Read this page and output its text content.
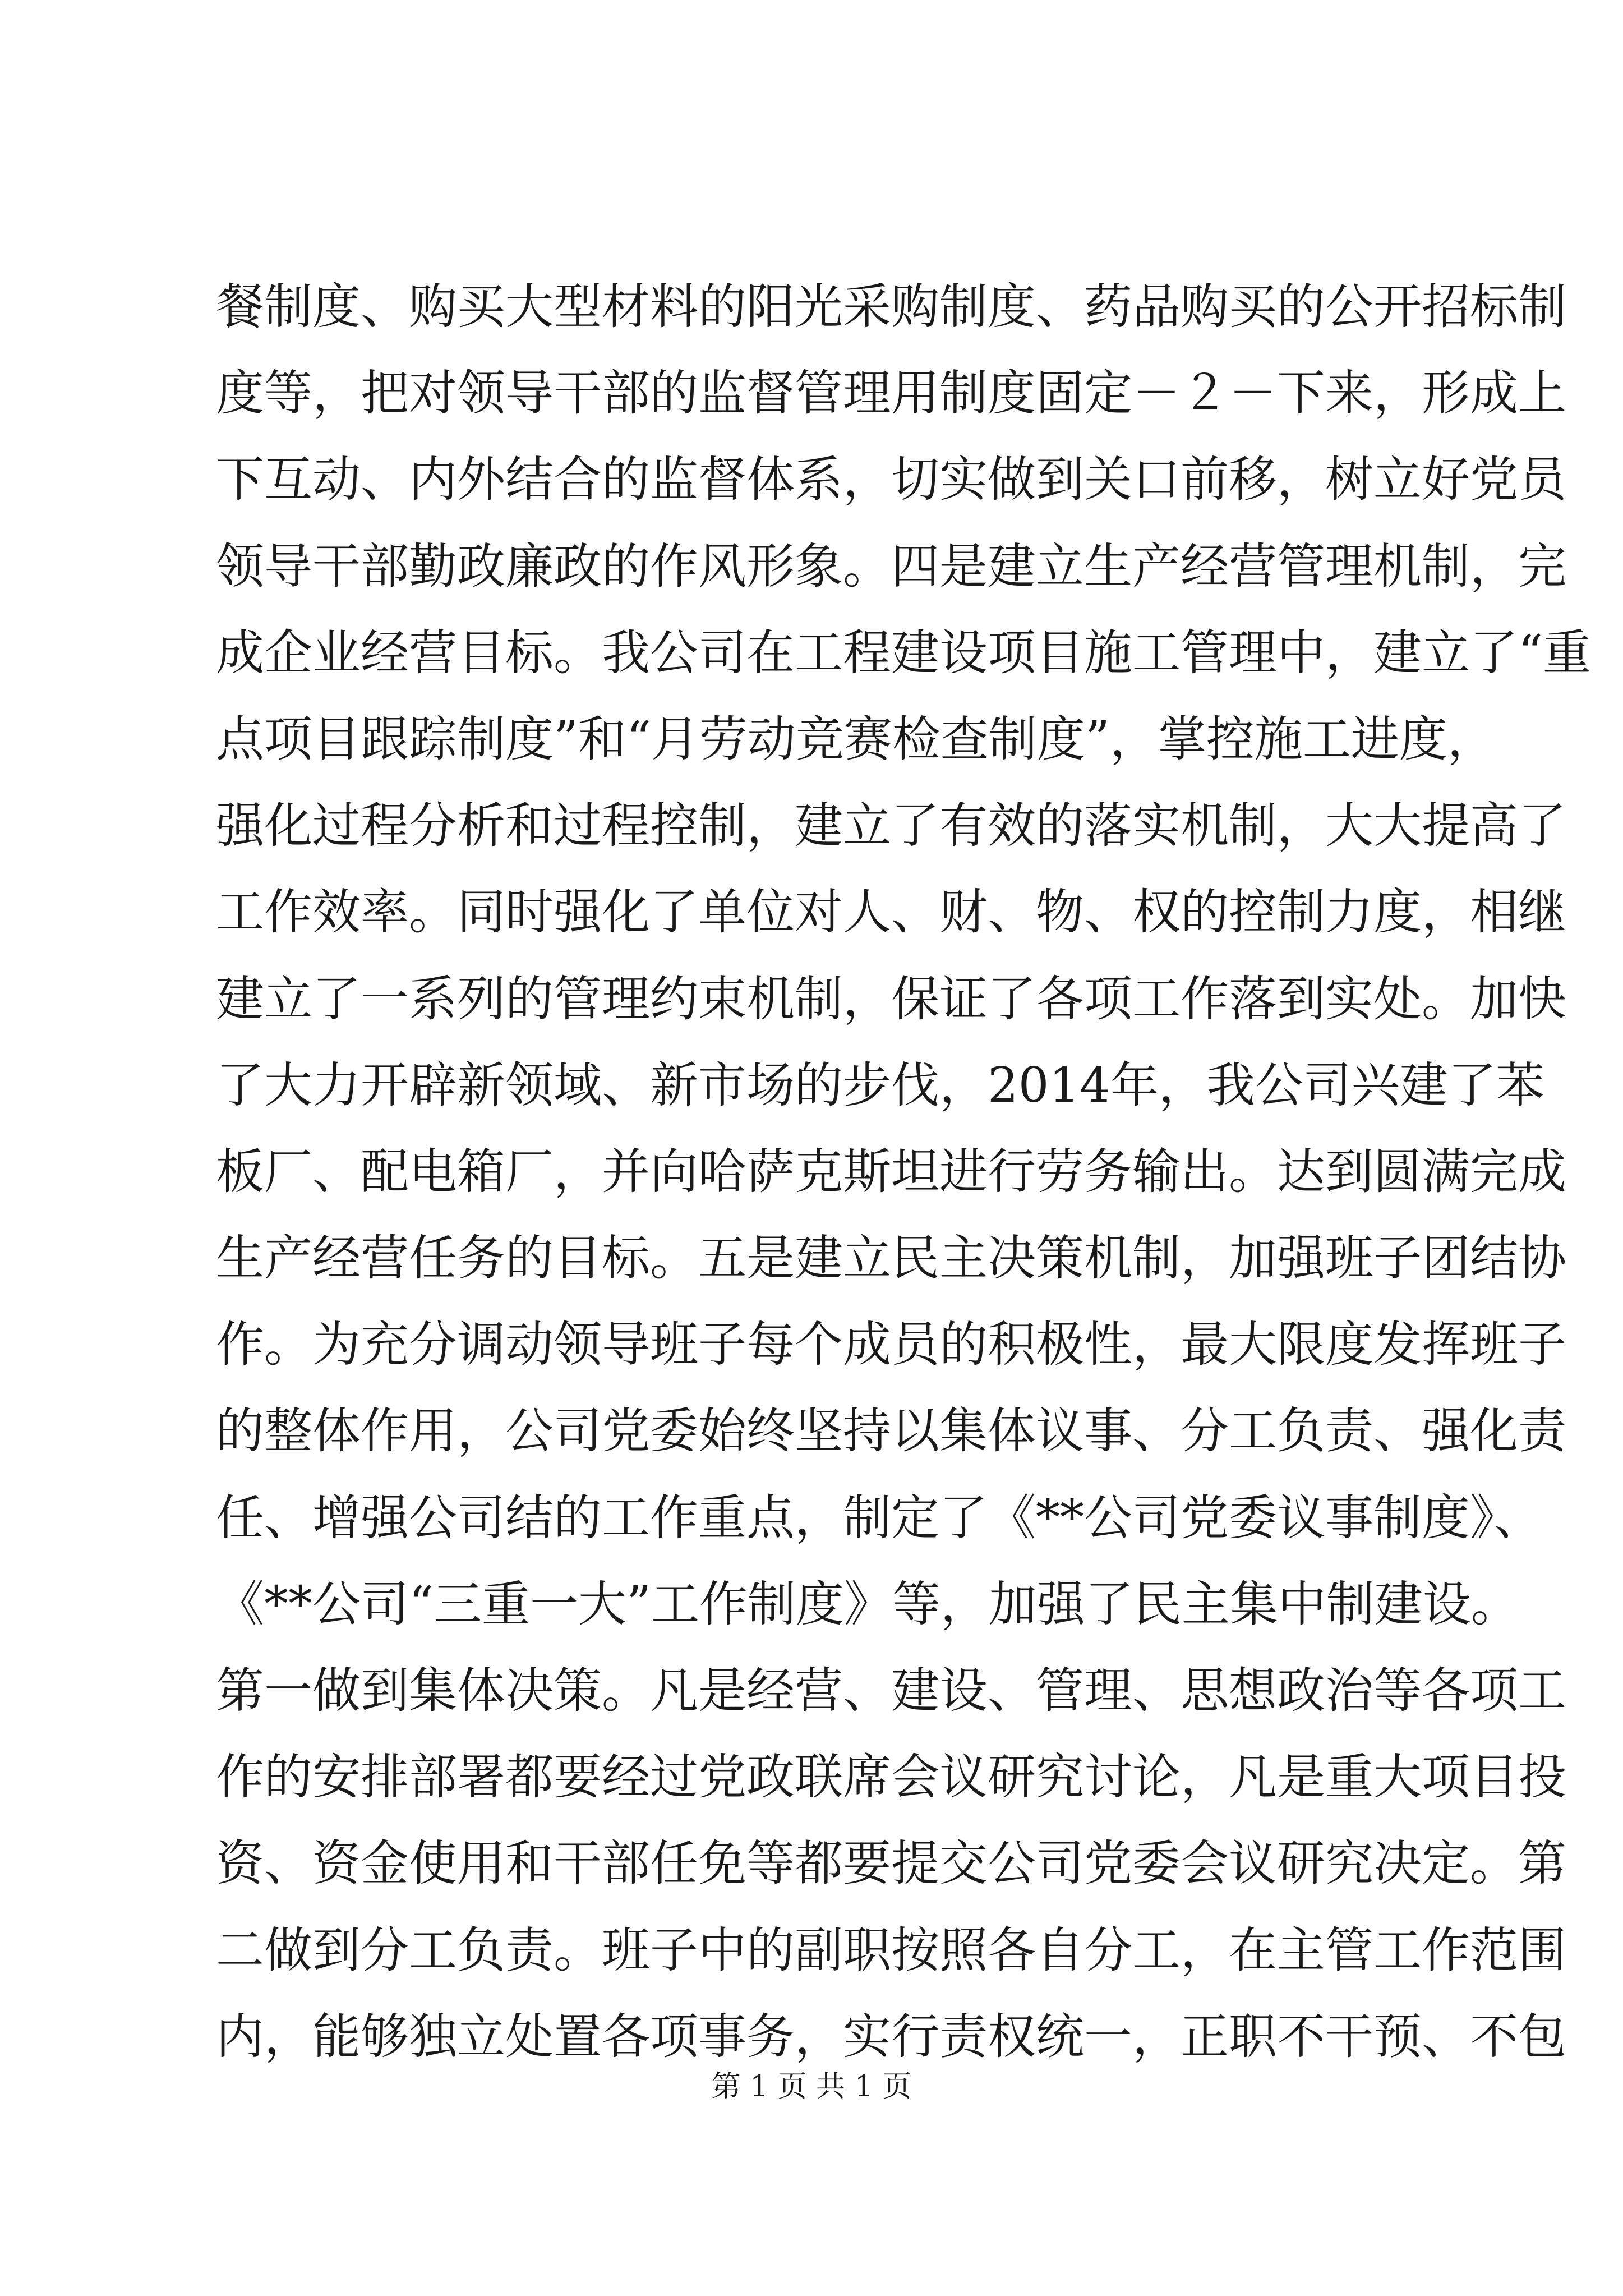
餐制度、购买大型材料的阳光采购制度、药品购买的公开招标制
度等，把对领导干部的监督管理用制度固定－２－下来，形成上
下互动、内外结合的监督体系，切实做到关口前移，树立好党员
领导干部勤政廉政的作风形象。四是建立生产经营管理机制，完
成企业经营目标。我公司在工程建设项目施工管理中，建立了“重
点项目跟踪制度”和“月劳动竞赛检查制度”，掌控施工进度，
强化过程分析和过程控制，建立了有效的落实机制，大大提高了
工作效率。同时强化了单位对人、财、物、权的控制力度，相继
建立了一系列的管理约束机制，保证了各项工作落到实处。加快
了大力开辟新领域、新市场的步伐，2014年，我公司兴建了苯
板厂、配电箱厂，并向哈萨克斯坦进行劳务输出。达到圆满完成
生产经营任务的目标。五是建立民主决策机制，加强班子团结协
作。为充分调动领导班子每个成员的积极性，最大限度发挥班子
的整体作用，公司党委始终坚持以集体议事、分工负责、强化责
任、增强公司结的工作重点，制定了《**公司党委议事制度》、
《**公司“三重一大”工作制度》等，加强了民主集中制建设。
第一做到集体决策。凡是经营、建设、管理、思想政治等各项工
作的安排部署都要经过党政联席会议研究讨论，凡是重大项目投
资、资金使用和干部任免等都要提交公司党委会议研究决定。第
二做到分工负责。班子中的副职按照各自分工，在主管工作范围
内，能够独立处置各项事务，实行责权统一，正职不干预、不包
第 1 页 共 1 页
